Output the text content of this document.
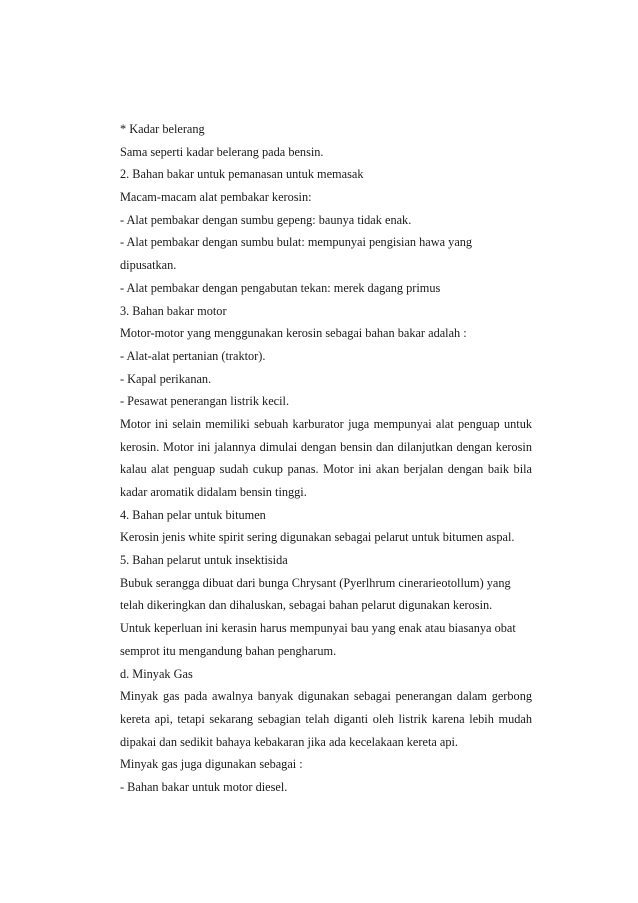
* Kadar belerang
Sama seperti kadar belerang pada bensin.
2. Bahan bakar untuk pemanasan untuk memasak
Macam-macam alat pembakar kerosin:
- Alat pembakar dengan sumbu gepeng: baunya tidak enak.
- Alat pembakar dengan sumbu bulat: mempunyai pengisian hawa yang
dipusatkan.
- Alat pembakar dengan pengabutan tekan: merek dagang primus
3. Bahan bakar motor
Motor-motor yang menggunakan kerosin sebagai bahan bakar adalah :
- Alat-alat pertanian (traktor).
- Kapal perikanan.
- Pesawat penerangan listrik kecil.
Motor ini selain memiliki sebuah karburator juga mempunyai alat penguap untuk
kerosin. Motor ini jalannya dimulai dengan bensin dan dilanjutkan dengan kerosin
kalau alat penguap sudah cukup panas. Motor ini akan berjalan dengan baik bila
kadar aromatik didalam bensin tinggi.
4. Bahan pelar untuk bitumen
Kerosin jenis white spirit sering digunakan sebagai pelarut untuk bitumen aspal.
5. Bahan pelarut untuk insektisida
Bubuk serangga dibuat dari bunga Chrysant (Pyerlhrum cinerarieotollum) yang
telah dikeringkan dan dihaluskan, sebagai bahan pelarut digunakan kerosin.
Untuk keperluan ini kerasin harus mempunyai bau yang enak atau biasanya obat
semprot itu mengandung bahan pengharum.
d. Minyak Gas
Minyak gas pada awalnya banyak digunakan sebagai penerangan dalam gerbong
kereta api, tetapi sekarang sebagian telah diganti oleh listrik karena lebih mudah
dipakai dan sedikit bahaya kebakaran jika ada kecelakaan kereta api.
Minyak gas juga digunakan sebagai :
- Bahan bakar untuk motor diesel.
